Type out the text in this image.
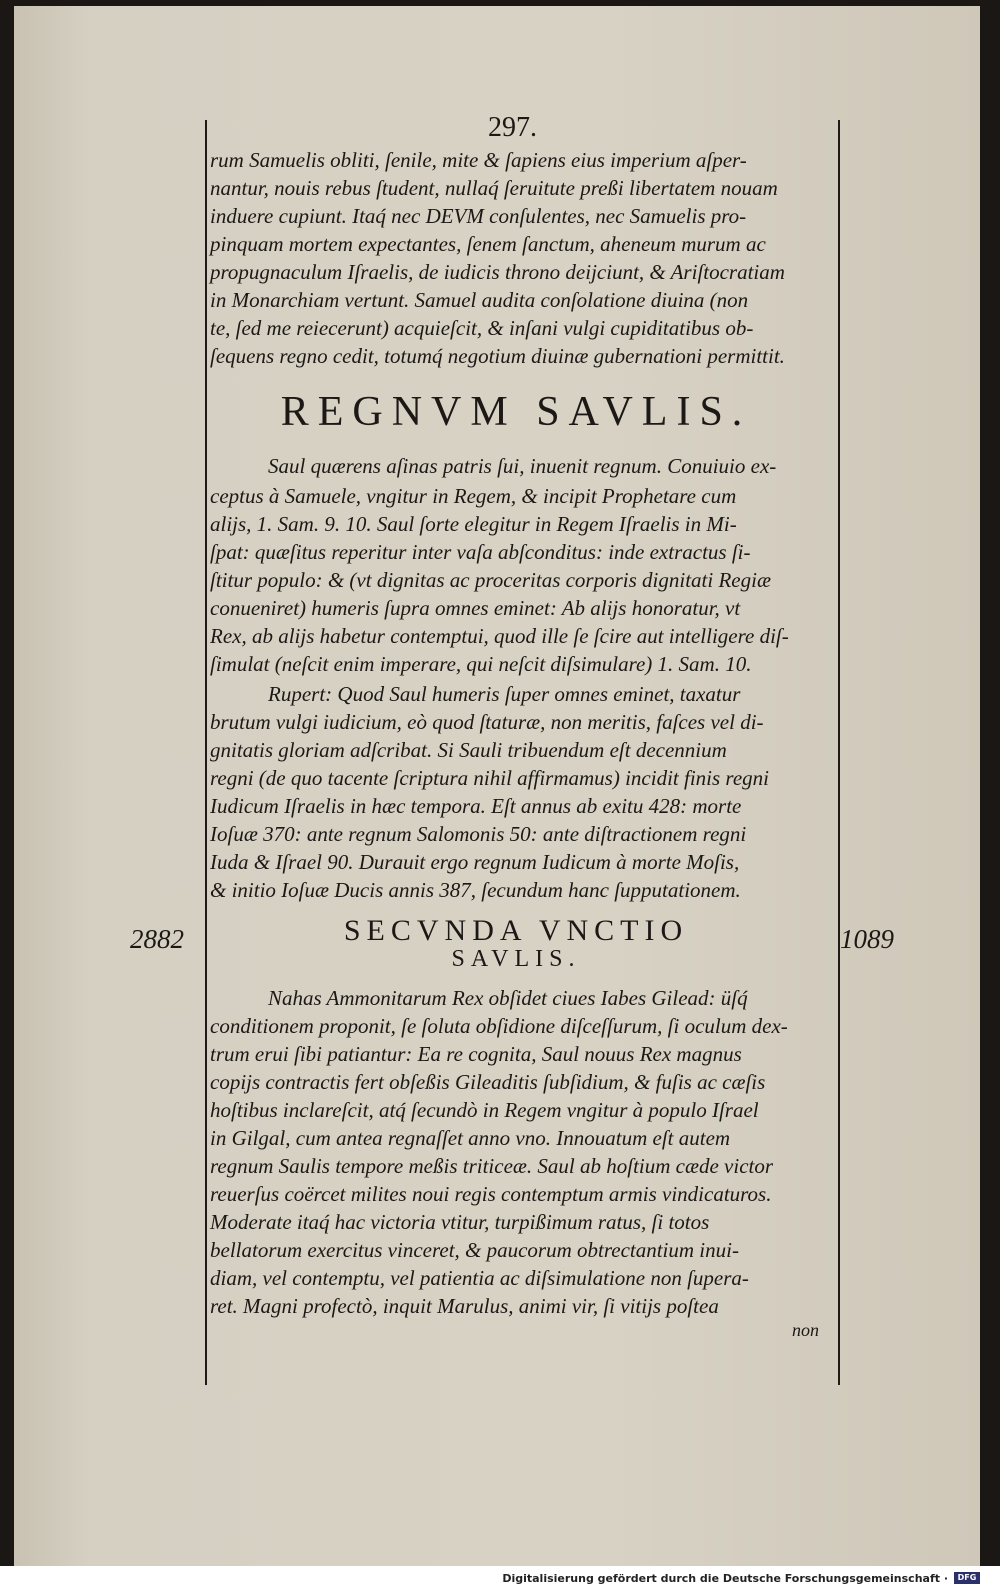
297.
rum Samuelis obliti, ſenile, mite & ſapiens eius imperium aſper-
nantur, nouis rebus ſtudent, nullaq́ ſeruitute preßi libertatem nouam
induere cupiunt. Itaq́ nec DEVM conſulentes, nec Samuelis pro-
pinquam mortem expectantes, ſenem ſanctum, aheneum murum ac
propugnaculum Iſraelis, de iudicis throno deijciunt, & Ariſtocratiam
in Monarchiam vertunt. Samuel audita conſolatione diuina (non
te, ſed me reiecerunt) acquieſcit, & inſani vulgi cupiditatibus ob-
ſequens regno cedit, totumq́ negotium diuinæ gubernationi permittit.
Saul quærens aſinas patris ſui, inuenit regnum. Conuiuio ex-
ceptus à Samuele, vngitur in Regem, & incipit Prophetare cum
alijs, 1. Sam. 9. 10. Saul ſorte elegitur in Regem Iſraelis in Mi-
ſpat: quæſitus reperitur inter vaſa abſconditus: inde extractus ſi-
ſtitur populo: & (vt dignitas ac proceritas corporis dignitati Regiæ
conueniret) humeris ſupra omnes eminet: Ab alijs honoratur, vt
Rex, ab alijs habetur contemptui, quod ille ſe ſcire aut intelligere diſ-
ſimulat (neſcit enim imperare, qui neſcit diſsimulare) 1. Sam. 10.
Rupert: Quod Saul humeris ſuper omnes eminet, taxatur
brutum vulgi iudicium, eò quod ſtaturæ, non meritis, faſces vel di-
gnitatis gloriam adſcribat. Si Sauli tribuendum eſt decennium
regni (de quo tacente ſcriptura nihil affirmamus) incidit finis regni
Iudicum Iſraelis in hæc tempora. Eſt annus ab exitu 428: morte
Ioſuæ 370: ante regnum Salomonis 50: ante diſtractionem regni
Iuda & Iſrael 90. Durauit ergo regnum Iudicum à morte Moſis,
& initio Ioſuæ Ducis annis 387, ſecundum hanc ſupputationem.
Nahas Ammonitarum Rex obſidet ciues Iabes Gilead: üſq́
conditionem proponit, ſe ſoluta obſidione diſceſſurum, ſi oculum dex-
trum erui ſibi patiantur: Ea re cognita, Saul nouus Rex magnus
copijs contractis fert obſeßis Gileaditis ſubſidium, & fuſis ac cæſis
hoſtibus inclareſcit, atq́ ſecundò in Regem vngitur à populo Iſrael
in Gilgal, cum antea regnaſſet anno vno. Innouatum eſt autem
regnum Saulis tempore meßis triticeæ. Saul ab hoſtium cæde victor
reuerſus coërcet milites noui regis contemptum armis vindicaturos.
Moderate itaq́ hac victoria vtitur, turpißimum ratus, ſi totos
bellatorum exercitus vinceret, & paucorum obtrectantium inui-
diam, vel contemptu, vel patientia ac diſsimulatione non ſupera-
ret. Magni profectò, inquit Marulus, animi vir, ſi vitijs poſtea
non
REGNVM SAVLIS.
SECVNDA VNCTIO
SAVLIS.
2882	1089
Digitalisierung gefördert durch die Deutsche Forschungsgemeinschaft ·	DFG
